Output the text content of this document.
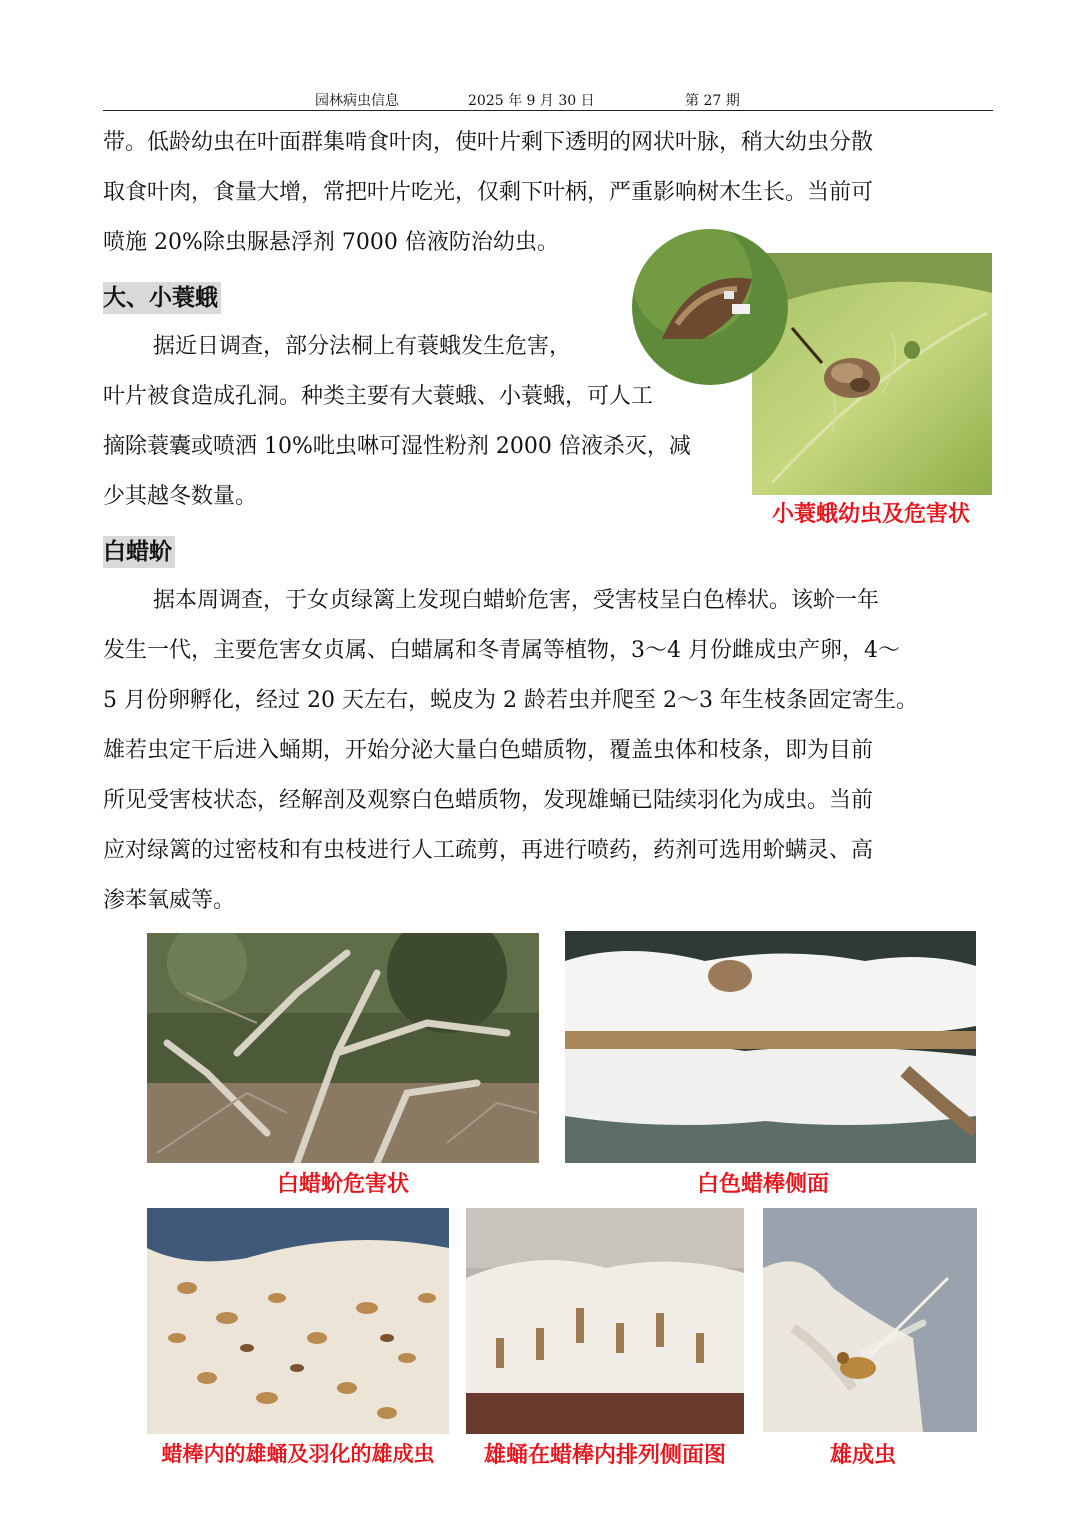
园林病虫信息	2025 年 9 月 30 日	第 27 期
带。低龄幼虫在叶面群集啃食叶肉，使叶片剩下透明的网状叶脉，稍大幼虫分散
取食叶肉，食量大增，常把叶片吃光，仅剩下叶柄，严重影响树木生长。当前可
喷施 20%除虫脲悬浮剂 7000 倍液防治幼虫。
大、小蓑蛾
据近日调查，部分法桐上有蓑蛾发生危害，
叶片被食造成孔洞。种类主要有大蓑蛾、小蓑蛾，可人工
摘除蓑囊或喷洒 10%吡虫啉可湿性粉剂 2000 倍液杀灭，减
少其越冬数量。
小蓑蛾幼虫及危害状
白蜡蚧
据本周调查，于女贞绿篱上发现白蜡蚧危害，受害枝呈白色棒状。该蚧一年
发生一代，主要危害女贞属、白蜡属和冬青属等植物，3～4 月份雌成虫产卵，4～
5 月份卵孵化，经过 20 天左右，蜕皮为 2 龄若虫并爬至 2～3 年生枝条固定寄生。
雄若虫定干后进入蛹期，开始分泌大量白色蜡质物，覆盖虫体和枝条，即为目前
所见受害枝状态，经解剖及观察白色蜡质物，发现雄蛹已陆续羽化为成虫。当前
应对绿篱的过密枝和有虫枝进行人工疏剪，再进行喷药，药剂可选用蚧螨灵、高
渗苯氧威等。
白蜡蚧危害状	白色蜡棒侧面
蜡棒内的雄蛹及羽化的雄成虫	雄蛹在蜡棒内排列侧面图	雄成虫
